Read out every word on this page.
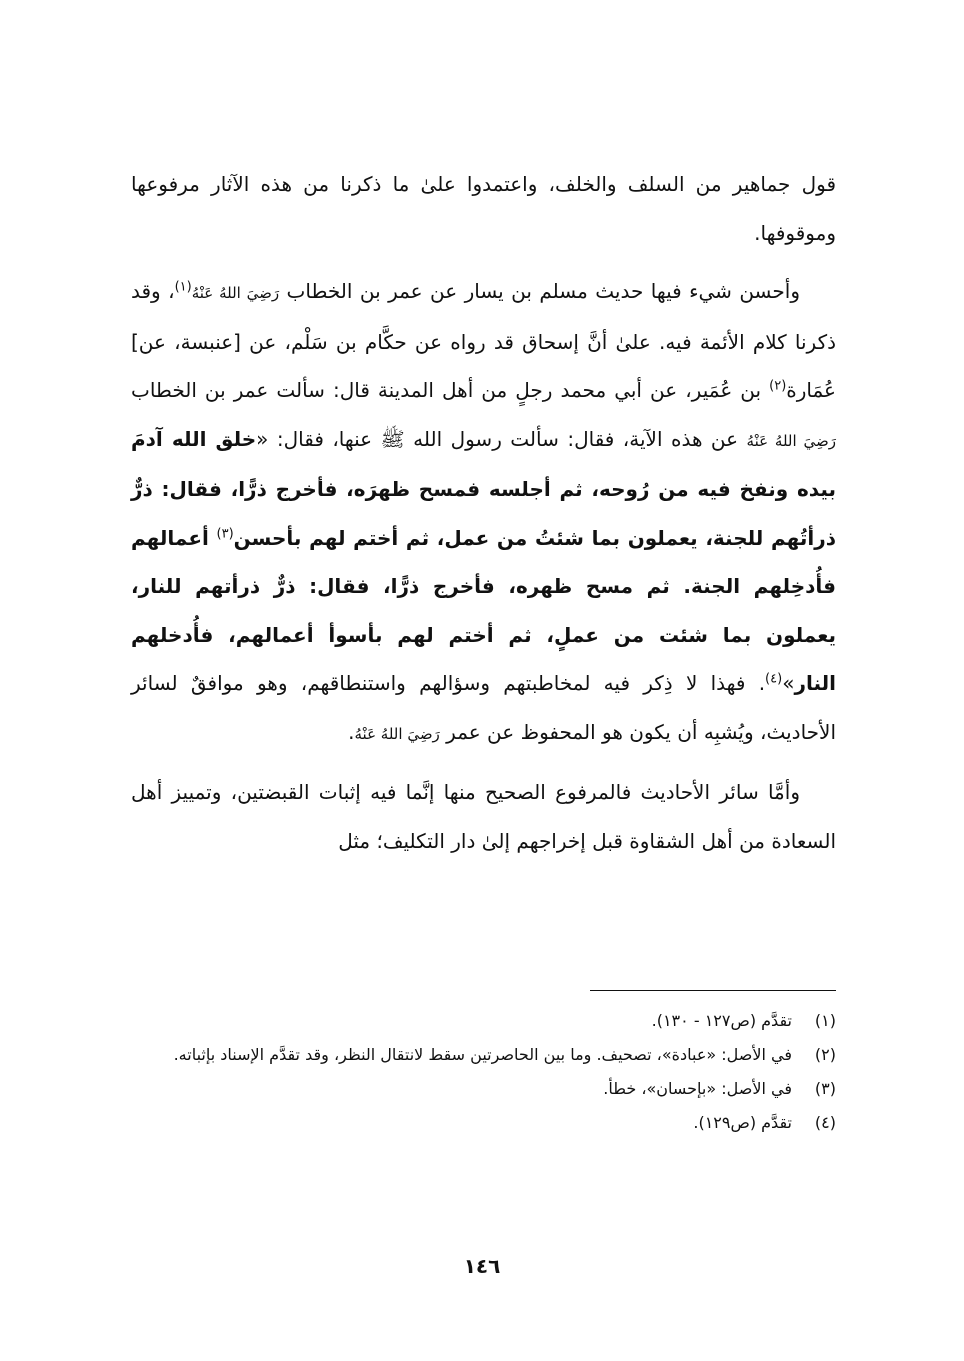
قول جماهير من السلف والخلف، واعتمدوا علىٰ ما ذكرنا من هذه الآثار مرفوعها وموقوفها.

وأحسن شيء فيها حديث مسلم بن يسار عن عمر بن الخطاب رَضِيَ اللهُ عَنْهُ$^{(١)}$، وقد ذكرنا كلام الأئمة فيه. علىٰ أنَّ إسحاق قد رواه عن حكَّام بن سَلْم، عن [عنبسة، عن] عُمَارة$^{(٢)}$ بن عُمَير، عن أبي محمد رجلٍ من أهل المدينة قال: سألت عمر بن الخطاب رَضِيَ اللهُ عَنْهُ عن هذه الآية، فقال: سألت رسول الله ﷺ عنها، فقال: «خلق الله آدمَ بيده ونفخ فيه من رُوحه، ثم أجلسه فمسح ظهرَه، فأخرج ذرًّا، فقال: ذرٌّ ذرأتُهم للجنة، يعملون بما شئتُ من عمل، ثم أختم لهم بأحسن$^{(٣)}$ أعمالهم فأُدخِلهم الجنة. ثم مسح ظهره، فأخرج ذرًّا، فقال: ذرٌّ ذرأتهم للنار، يعملون بما شئت من عملٍ، ثم أختم لهم بأسوأ أعمالهم، فأُدخلهم النار»$^{(٤)}$. فهذا لا ذِكر فيه لمخاطبتهم وسؤالهم واستنطاقهم، وهو موافقٌ لسائر الأحاديث، ويُشبِه أن يكون هو المحفوظ عن عمر رَضِيَ اللهُ عَنْهُ.

وأمَّا سائر الأحاديث فالمرفوع الصحيح منها إنَّما فيه إثبات القبضتين، وتمييز أهل السعادة من أهل الشقاوة قبل إخراجهم إلىٰ دار التكليف؛ مثل

(١)
تقدَّم (ص١٢٧ - ١٣٠).
(٢)
في الأصل: «عبادة»، تصحيف. وما بين الحاصرتين سقط لانتقال النظر، وقد تقدَّم الإسناد بإثباته.
(٣)
في الأصل: «بإحسان»، خطأ.
(٤)
تقدَّم (ص١٢٩).
١٤٦
